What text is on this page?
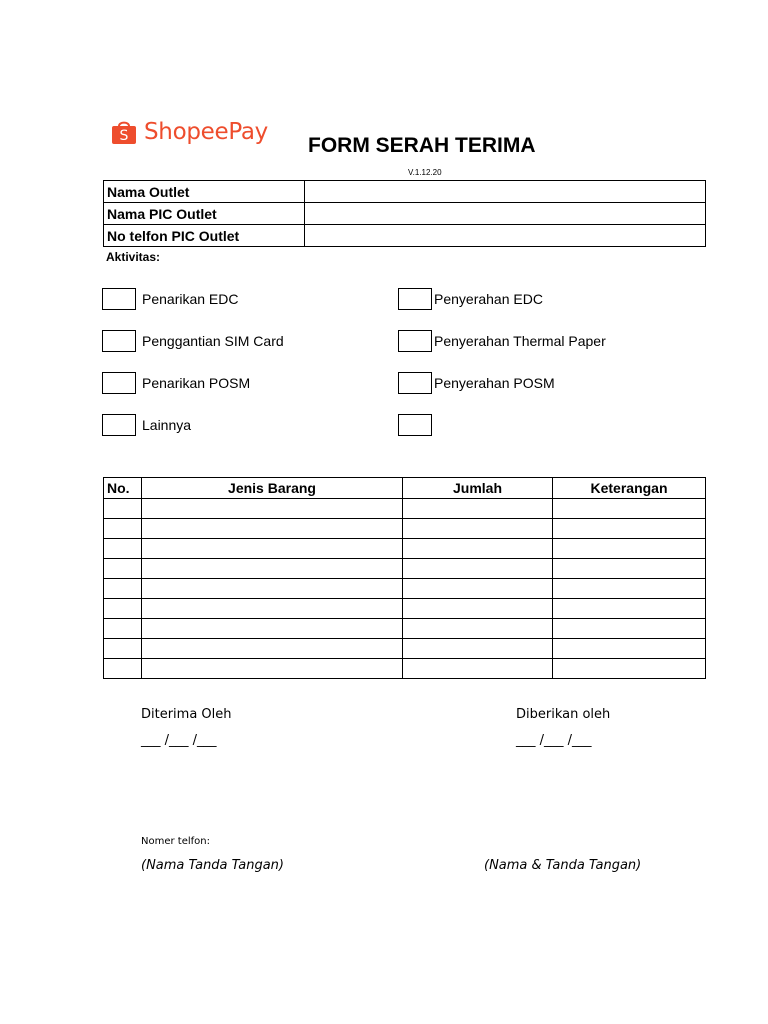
S ShopeePay
FORM SERAH TERIMA
V.1.12.20
Nama Outlet	
Nama PIC Outlet	
No telfon PIC Outlet	
Aktivitas:
Penarikan EDC
Penggantian SIM Card
Penarikan POSM
Lainnya
Penyerahan EDC
Penyerahan Thermal Paper
Penyerahan POSM
No.	Jenis Barang	Jumlah	Keterangan

Diterima Oleh	Diberikan oleh
___ /___ /___	___ /___ /___
Nomer telfon:
(Nama Tanda Tangan)	(Nama & Tanda Tangan)
